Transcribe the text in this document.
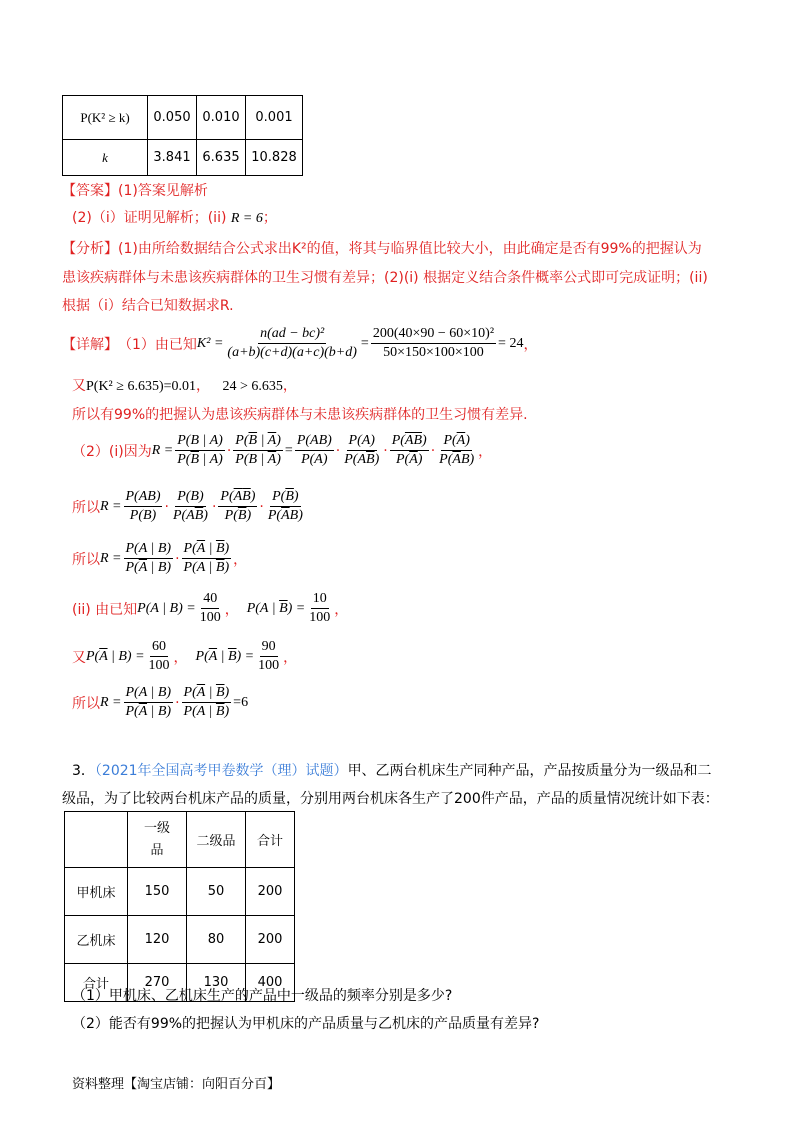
P(K² ≥ k)	0.050	0.010	0.001
k	3.841	6.635	10.828
【答案】(1)答案见解析
(2)（i）证明见解析；(ii) R = 6；
【分析】(1)由所给数据结合公式求出K²的值，将其与临界值比较大小，由此确定是否有99%的把握认为
患该疾病群体与未患该疾病群体的卫生习惯有差异；(2)(i) 根据定义结合条件概率公式即可完成证明；(ii)
根据（i）结合已知数据求R.
【详解】 （1）由已知 $K^2 = \frac{\text{n(ad − bc)²}}{(a+b)(c+d)(a+c)(b+d)} = \frac{\text{200(40×90 − 60×10)²}}{50\times 150\times 100\times 100} = 24$ ，
又P(K² ≥ 6.635)=0.01， 24 > 6.635，
所以有99%的把握认为患该疾病群体与未患该疾病群体的卫生习惯有差异.
（2）(i)因为 $R = \frac{P(B | A)}{P(\overline{B} | A)} \cdot \frac{P(\overline{B} | \overline{A})}{P(B | \overline{A})} = \frac{P(AB)}{P(A)} \cdot \frac{P(A)}{P(A\overline{B})} \cdot \frac{P(\overline{A}\overline{B})}{P(\overline{A})} \cdot \frac{P(\overline{A})}{P(\overline{A}B)}$ ，
所以 $R = \frac{P(AB)}{P(B)} \cdot \frac{P(B)}{P(A\overline{B})} \cdot \frac{P(\overline{A}\overline{B})}{P(\overline{B})} \cdot \frac{P(\overline{B})}{P(\overline{A}B)}$
所以 $R = \frac{P(A | B)}{P(\overline{A} | B)} \cdot \frac{P(\overline{A} | \overline{B})}{P(A | \overline{B})}$ ，
(ii) 由已知 P(A | $B) = \frac{40}{100}$ ， P(A | $\overline{B}) = \frac{10}{100}$ ，
又 $P(\overline{A}$ | $B) = \frac{60}{100}$ ， $P(\overline{A}$ | $\overline{B}) = \frac{90}{100}$ ，
所以 $R = \frac{P(A | B)}{P(\overline{A} | B)} \cdot \frac{P(\overline{A} | \overline{B})}{P(A | \overline{B})} =6$
3．（2021年全国高考甲卷数学（理）试题）甲、乙两台机床生产同种产品，产品按质量分为一级品和二
级品，为了比较两台机床产品的质量，分别用两台机床各生产了200件产品，产品的质量情况统计如下表：
	一级品	二级品	合计
甲机床	150	50	200
乙机床	120	80	200
合计	270	130	400
（1）甲机床、乙机床生产的产品中一级品的频率分别是多少?
（2）能否有99%的把握认为甲机床的产品质量与乙机床的产品质量有差异?
资料整理【淘宝店铺：向阳百分百】
